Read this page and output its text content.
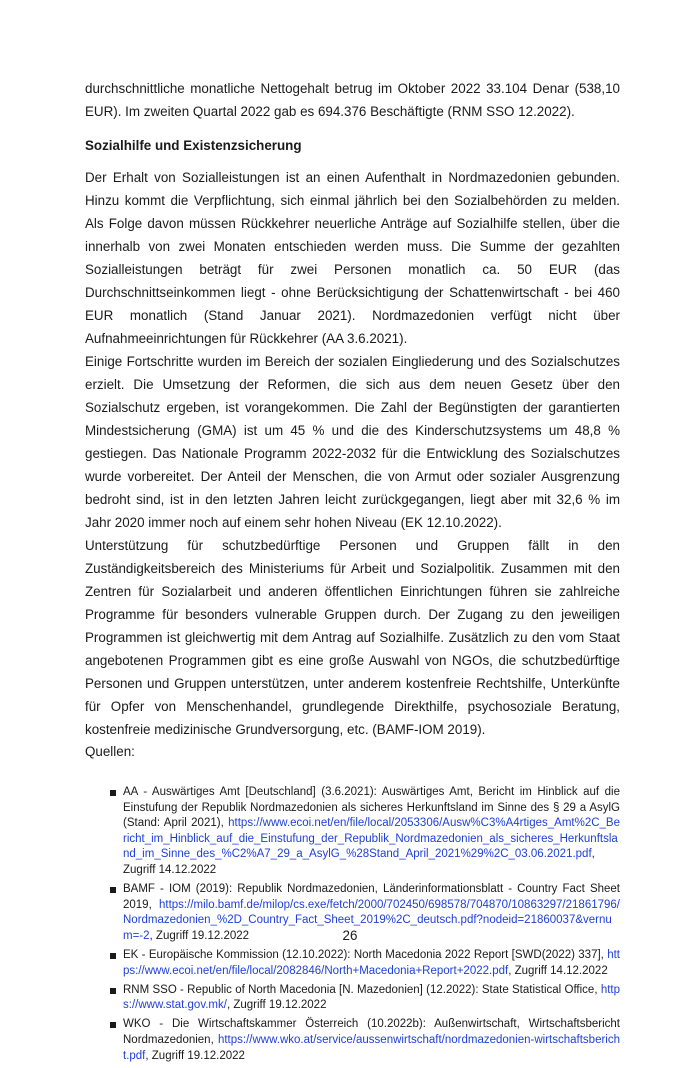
durchschnittliche monatliche Nettogehalt betrug im Oktober 2022 33.104 Denar (538,10 EUR). Im zweiten Quartal 2022 gab es 694.376 Beschäftigte (RNM SSO 12.2022).

Sozialhilfe und Existenzsicherung

Der Erhalt von Sozialleistungen ist an einen Aufenthalt in Nordmazedonien gebunden. Hinzu kommt die Verpflichtung, sich einmal jährlich bei den Sozialbehörden zu melden. Als Folge davon müssen Rückkehrer neuerliche Anträge auf Sozialhilfe stellen, über die innerhalb von zwei Monaten entschieden werden muss. Die Summe der gezahlten Sozialleistungen beträgt für zwei Personen monatlich ca. 50 EUR (das Durchschnittseinkommen liegt - ohne Berücksichtigung der Schattenwirtschaft - bei 460 EUR monatlich (Stand Januar 2021). Nordmazedonien verfügt nicht über Aufnahmeeinrichtungen für Rückkehrer (AA 3.6.2021).

Einige Fortschritte wurden im Bereich der sozialen Eingliederung und des Sozialschutzes erzielt. Die Umsetzung der Reformen, die sich aus dem neuen Gesetz über den Sozialschutz ergeben, ist vorangekommen. Die Zahl der Begünstigten der garantierten Mindestsicherung (GMA) ist um 45 % und die des Kinderschutzsystems um 48,8 % gestiegen. Das Nationale Programm 2022-2032 für die Entwicklung des Sozialschutzes wurde vorbereitet. Der Anteil der Menschen, die von Armut oder sozialer Ausgrenzung bedroht sind, ist in den letzten Jahren leicht zurückgegangen, liegt aber mit 32,6 % im Jahr 2020 immer noch auf einem sehr hohen Niveau (EK 12.10.2022).

Unterstützung für schutzbedürftige Personen und Gruppen fällt in den Zuständigkeitsbereich des Ministeriums für Arbeit und Sozialpolitik. Zusammen mit den Zentren für Sozialarbeit und anderen öffentlichen Einrichtungen führen sie zahlreiche Programme für besonders vulnerable Gruppen durch. Der Zugang zu den jeweiligen Programmen ist gleichwertig mit dem Antrag auf Sozialhilfe. Zusätzlich zu den vom Staat angebotenen Programmen gibt es eine große Auswahl von NGOs, die schutzbedürftige Personen und Gruppen unterstützen, unter anderem kostenfreie Rechtshilfe, Unterkünfte für Opfer von Menschenhandel, grundlegende Direkthilfe, psychosoziale Beratung, kostenfreie medizinische Grundversorgung, etc. (BAMF-IOM 2019).

Quellen:

AA - Auswärtiges Amt [Deutschland] (3.6.2021): Auswärtiges Amt, Bericht im Hinblick auf die Einstufung der Republik Nordmazedonien als sicheres Herkunftsland im Sinne des § 29 a AsylG (Stand: April 2021), https://www.ecoi.net/en/file/local/2053306/Ausw%C3%A4rtiges_Amt%2C_Bericht_im_Hinblick_auf_die_Einstufung_der_Republik_Nordmazedonien_als_sicheres_Herkunftsland_im_Sinne_des_%C2%A7_29_a_AsylG_%28Stand_April_2021%29%2C_03.06.2021.pdf, Zugriff 14.12.2022
BAMF - IOM (2019): Republik Nordmazedonien, Länderinformationsblatt - Country Fact Sheet 2019, https://milo.bamf.de/milop/cs.exe/fetch/2000/702450/698578/704870/10863297/21861796/Nordmazedonien_%2D_Country_Fact_Sheet_2019%2C_deutsch.pdf?nodeid=21860037&vernum=-2, Zugriff 19.12.2022
EK - Europäische Kommission (12.10.2022): North Macedonia 2022 Report [SWD(2022) 337], https://www.ecoi.net/en/file/local/2082846/North+Macedonia+Report+2022.pdf, Zugriff 14.12.2022
RNM SSO - Republic of North Macedonia [N. Mazedonien] (12.2022): State Statistical Office, https://www.stat.gov.mk/, Zugriff 19.12.2022
WKO - Die Wirtschaftskammer Österreich (10.2022b): Außenwirtschaft, Wirtschaftsbericht Nordmazedonien, https://www.wko.at/service/aussenwirtschaft/nordmazedonien-wirtschaftsbericht.pdf, Zugriff 19.12.2022
26
